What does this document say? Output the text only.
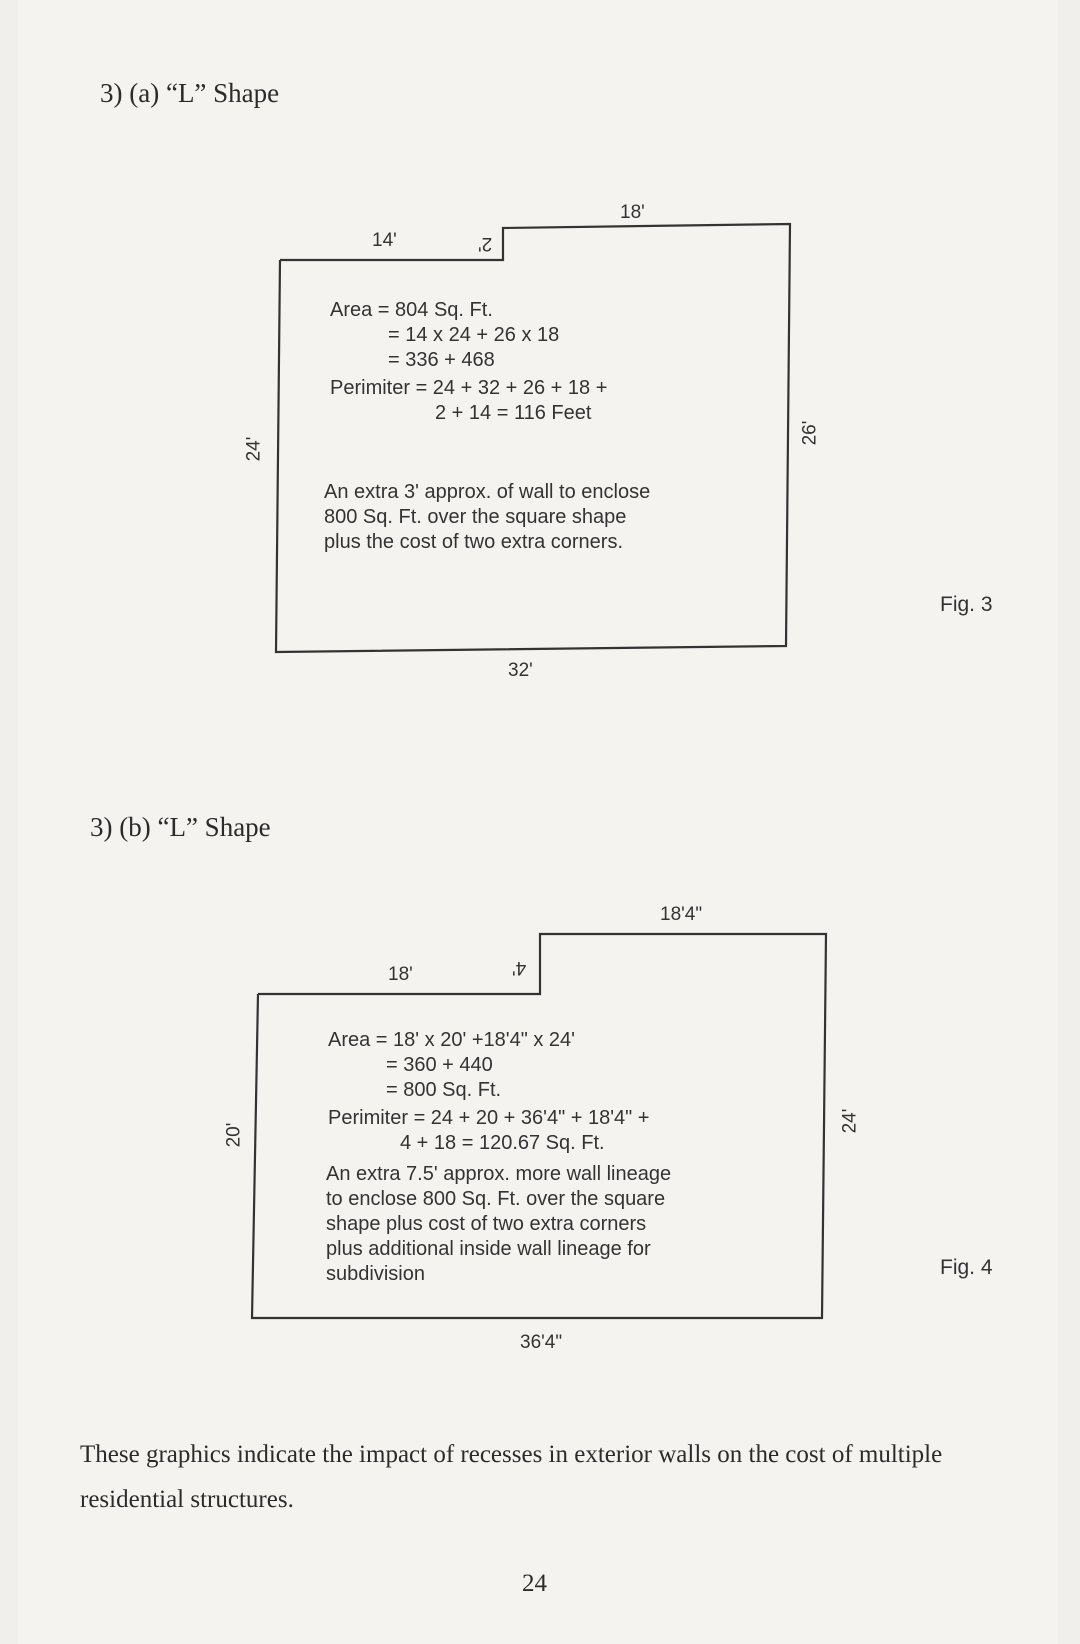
3) (a) “L” Shape
14'	2'
18'
24'
26'
32'
Area = 804 Sq. Ft.
= 14 x 24 + 26 x 18
= 336 + 468
Perimiter = 24 + 32 + 26 + 18 +
2 + 14 = 116 Feet
An extra 3' approx. of wall to enclose
800 Sq. Ft. over the square shape
plus the cost of two extra corners.
Fig. 3
3) (b) “L” Shape
18'	4'
18'4"
20'
24'
36'4"
Area = 18' x 20' +18'4" x 24'
= 360 + 440
= 800 Sq. Ft.
Perimiter = 24 + 20 + 36'4" + 18'4" +
4 + 18 = 120.67 Sq. Ft.
An extra 7.5' approx. more wall lineage
to enclose 800 Sq. Ft. over the square
shape plus cost of two extra corners
plus additional inside wall lineage for
subdivision	Fig. 4
These graphics indicate the impact of recesses in exterior walls on the cost of multiple residential structures.
24
